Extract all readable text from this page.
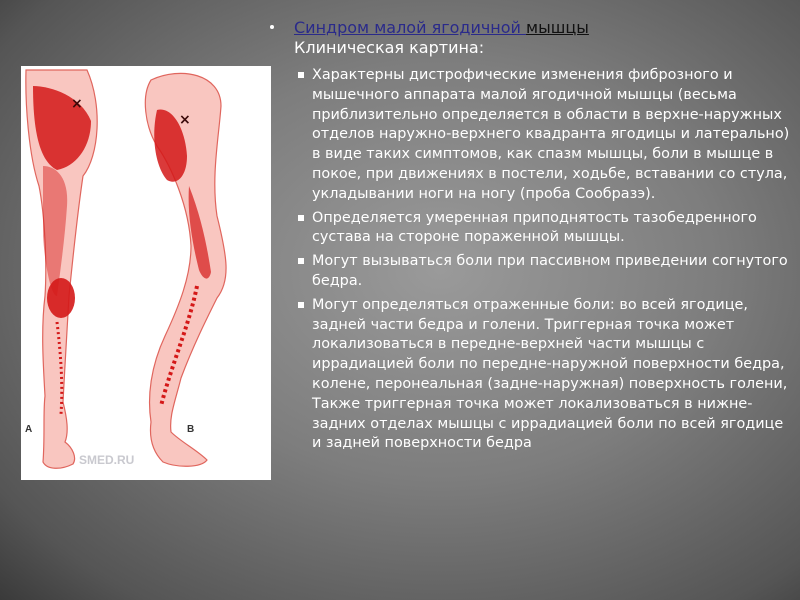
×
A
×
B
SMED.RU
Синдром малой ягодичной мышцы
Клиническая картина:
Характерны дистрофические изменения фиброзного и мышечного аппарата малой ягодичной мышцы (весьма приблизительно определяется в области в верхне-наружных отделов наружно-верхнего квадранта ягодицы и латерально) в виде таких симптомов, как спазм мышцы, боли в мышце в покое, при движениях в постели, ходьбе, вставании со стула, укладывании ноги на ногу (проба Сообразэ).
Определяется умеренная приподнятость тазобедренного сустава на стороне пораженной мышцы.
Могут вызываться боли при пассивном приведении согнутого бедра.
Могут определяться отраженные боли: во всей ягодице, задней части бедра и голени. Триггерная точка может локализоваться в передне-верхней части мышцы с иррадиацией боли по передне-наружной поверхности бедра, колене, перонеальная (задне-наружная) поверхность голени, Также триггерная точка может локализоваться в нижне-задних отделах мышцы с иррадиацией боли по всей ягодице и задней поверхности бедра
